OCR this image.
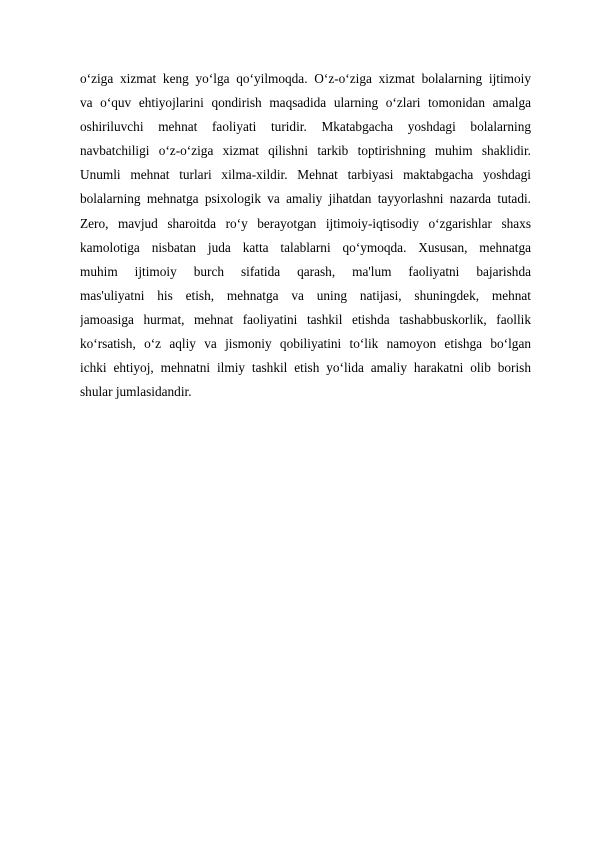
o‘ziga xizmat keng yo‘lga qo‘yilmoqda. O‘z-o‘ziga xizmat bolalarning ijtimoiy
va o‘quv ehtiyojlarini qondirish maqsadida ularning o‘zlari tomonidan amalga
oshiriluvchi mehnat faoliyati turidir. Mkatabgacha yoshdagi bolalarning
navbatchiligi o‘z-o‘ziga xizmat qilishni tarkib toptirishning muhim shaklidir.
Unumli mehnat turlari xilma-xildir. Mehnat tarbiyasi maktabgacha yoshdagi
bolalarning mehnatga psixologik va amaliy jihatdan tayyorlashni nazarda tutadi.
Zero, mavjud sharoitda ro‘y berayotgan ijtimoiy-iqtisodiy o‘zgarishlar shaxs
kamolotiga nisbatan juda katta talablarni qo‘ymoqda. Xususan, mehnatga
muhim ijtimoiy burch sifatida qarash, ma'lum faoliyatni bajarishda
mas'uliyatni his etish, mehnatga va uning natijasi, shuningdek, mehnat
jamoasiga hurmat, mehnat faoliyatini tashkil etishda tashabbuskorlik, faollik
ko‘rsatish, o‘z aqliy va jismoniy qobiliyatini to‘lik namoyon etishga bo‘lgan
ichki ehtiyoj, mehnatni ilmiy tashkil etish yo‘lida amaliy harakatni olib borish
shular jumlasidandir.
